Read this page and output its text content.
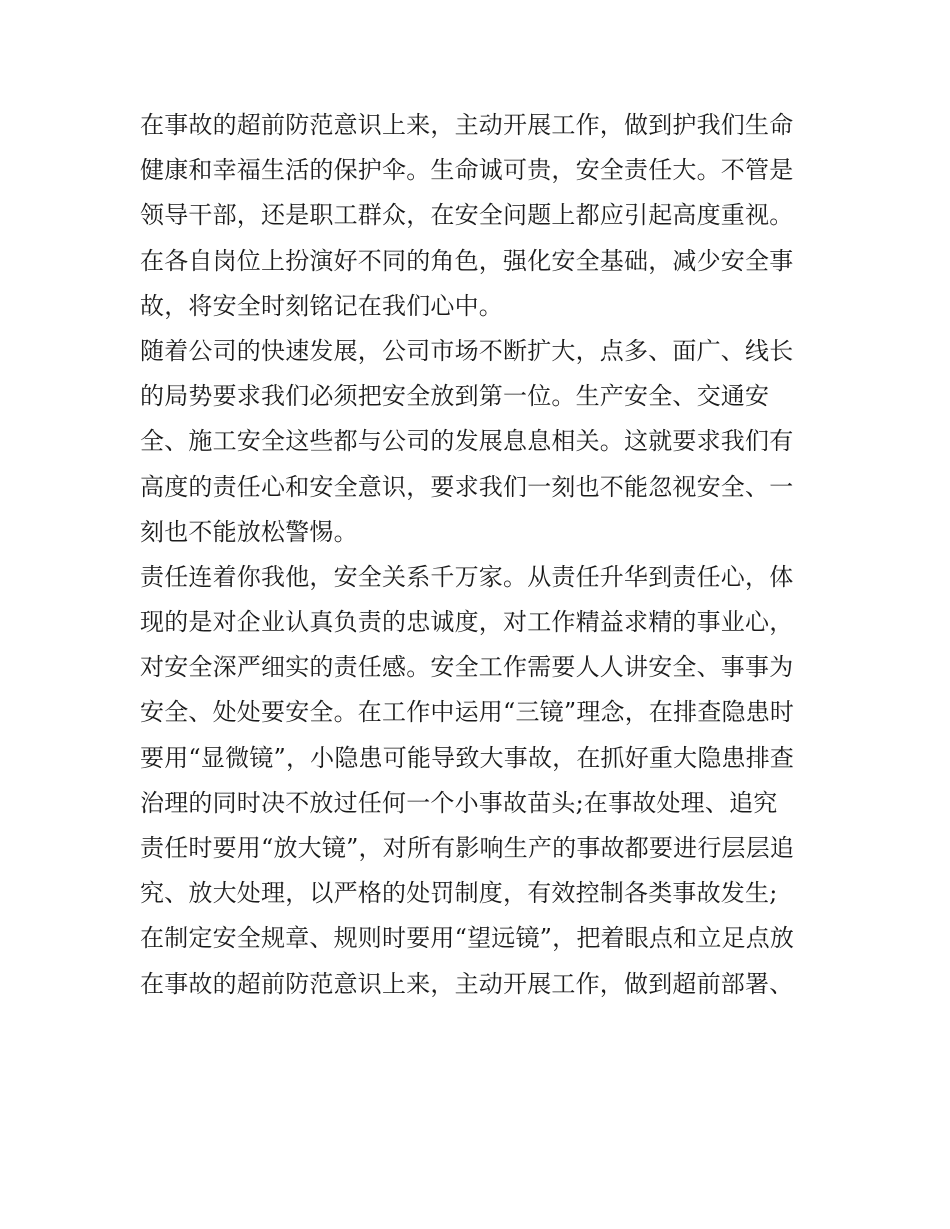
在事故的超前防范意识上来，主动开展工作，做到护我们生命
健康和幸福生活的保护伞。生命诚可贵，安全责任大。不管是
领导干部，还是职工群众，在安全问题上都应引起高度重视。
在各自岗位上扮演好不同的角色，强化安全基础，减少安全事
故，将安全时刻铭记在我们心中。
随着公司的快速发展，公司市场不断扩大，点多、面广、线长
的局势要求我们必须把安全放到第一位。生产安全、交通安
全、施工安全这些都与公司的发展息息相关。这就要求我们有
高度的责任心和安全意识，要求我们一刻也不能忽视安全、一
刻也不能放松警惕。
责任连着你我他，安全关系千万家。从责任升华到责任心，体
现的是对企业认真负责的忠诚度，对工作精益求精的事业心，
对安全深严细实的责任感。安全工作需要人人讲安全、事事为
安全、处处要安全。在工作中运用“三镜”理念，在排查隐患时
要用“显微镜”，小隐患可能导致大事故，在抓好重大隐患排查
治理的同时决不放过任何一个小事故苗头;在事故处理、追究
责任时要用“放大镜”，对所有影响生产的事故都要进行层层追
究、放大处理，以严格的处罚制度，有效控制各类事故发生;
在制定安全规章、规则时要用“望远镜”，把着眼点和立足点放
在事故的超前防范意识上来，主动开展工作，做到超前部署、
